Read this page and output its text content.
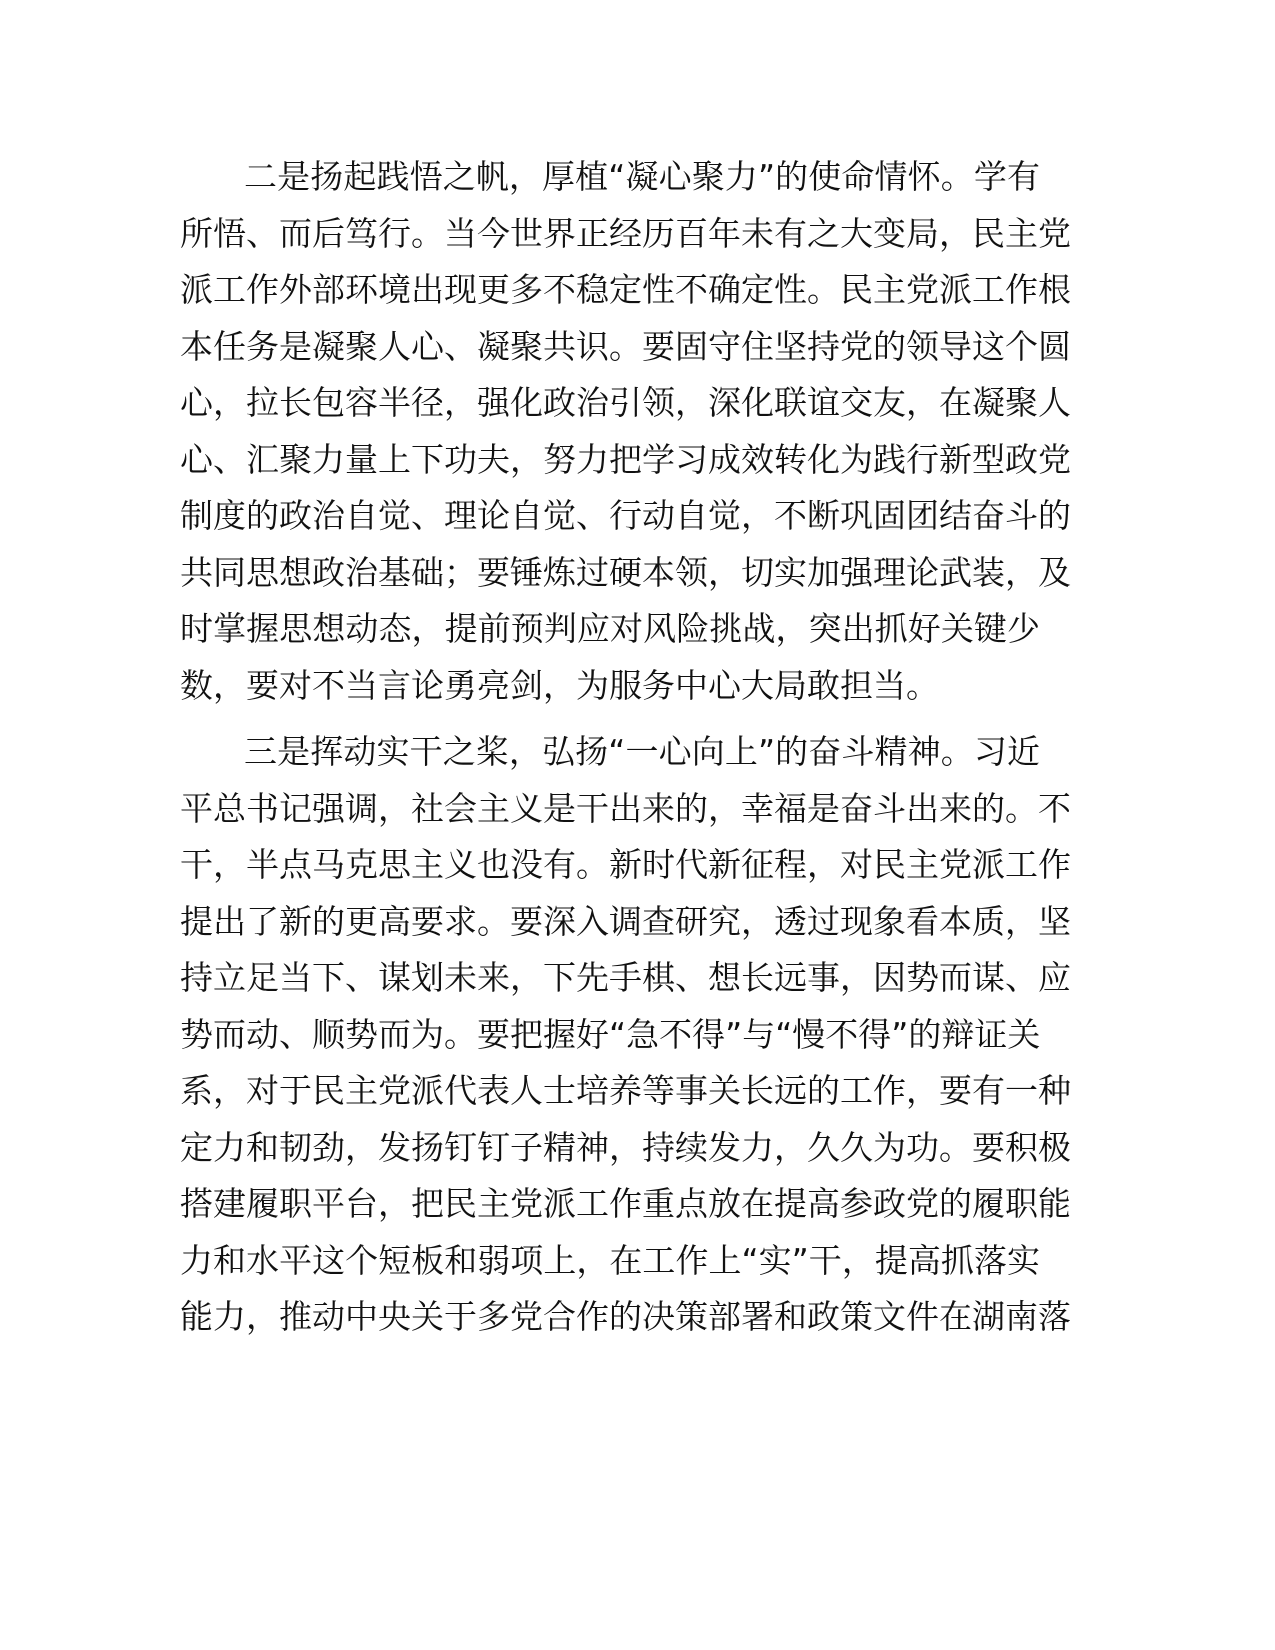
二是扬起践悟之帆，厚植“凝心聚力”的使命情怀。学有
所悟、而后笃行。当今世界正经历百年未有之大变局，民主党
派工作外部环境出现更多不稳定性不确定性。民主党派工作根
本任务是凝聚人心、凝聚共识。要固守住坚持党的领导这个圆
心，拉长包容半径，强化政治引领，深化联谊交友，在凝聚人
心、汇聚力量上下功夫，努力把学习成效转化为践行新型政党
制度的政治自觉、理论自觉、行动自觉，不断巩固团结奋斗的
共同思想政治基础；要锤炼过硬本领，切实加强理论武装，及
时掌握思想动态，提前预判应对风险挑战，突出抓好关键少
数，要对不当言论勇亮剑，为服务中心大局敢担当。
三是挥动实干之桨，弘扬“一心向上”的奋斗精神。习近
平总书记强调，社会主义是干出来的，幸福是奋斗出来的。不
干，半点马克思主义也没有。新时代新征程，对民主党派工作
提出了新的更高要求。要深入调查研究，透过现象看本质，坚
持立足当下、谋划未来，下先手棋、想长远事，因势而谋、应
势而动、顺势而为。要把握好“急不得”与“慢不得”的辩证关
系，对于民主党派代表人士培养等事关长远的工作，要有一种
定力和韧劲，发扬钉钉子精神，持续发力，久久为功。要积极
搭建履职平台，把民主党派工作重点放在提高参政党的履职能
力和水平这个短板和弱项上，在工作上“实”干，提高抓落实
能力，推动中央关于多党合作的决策部署和政策文件在湖南落
